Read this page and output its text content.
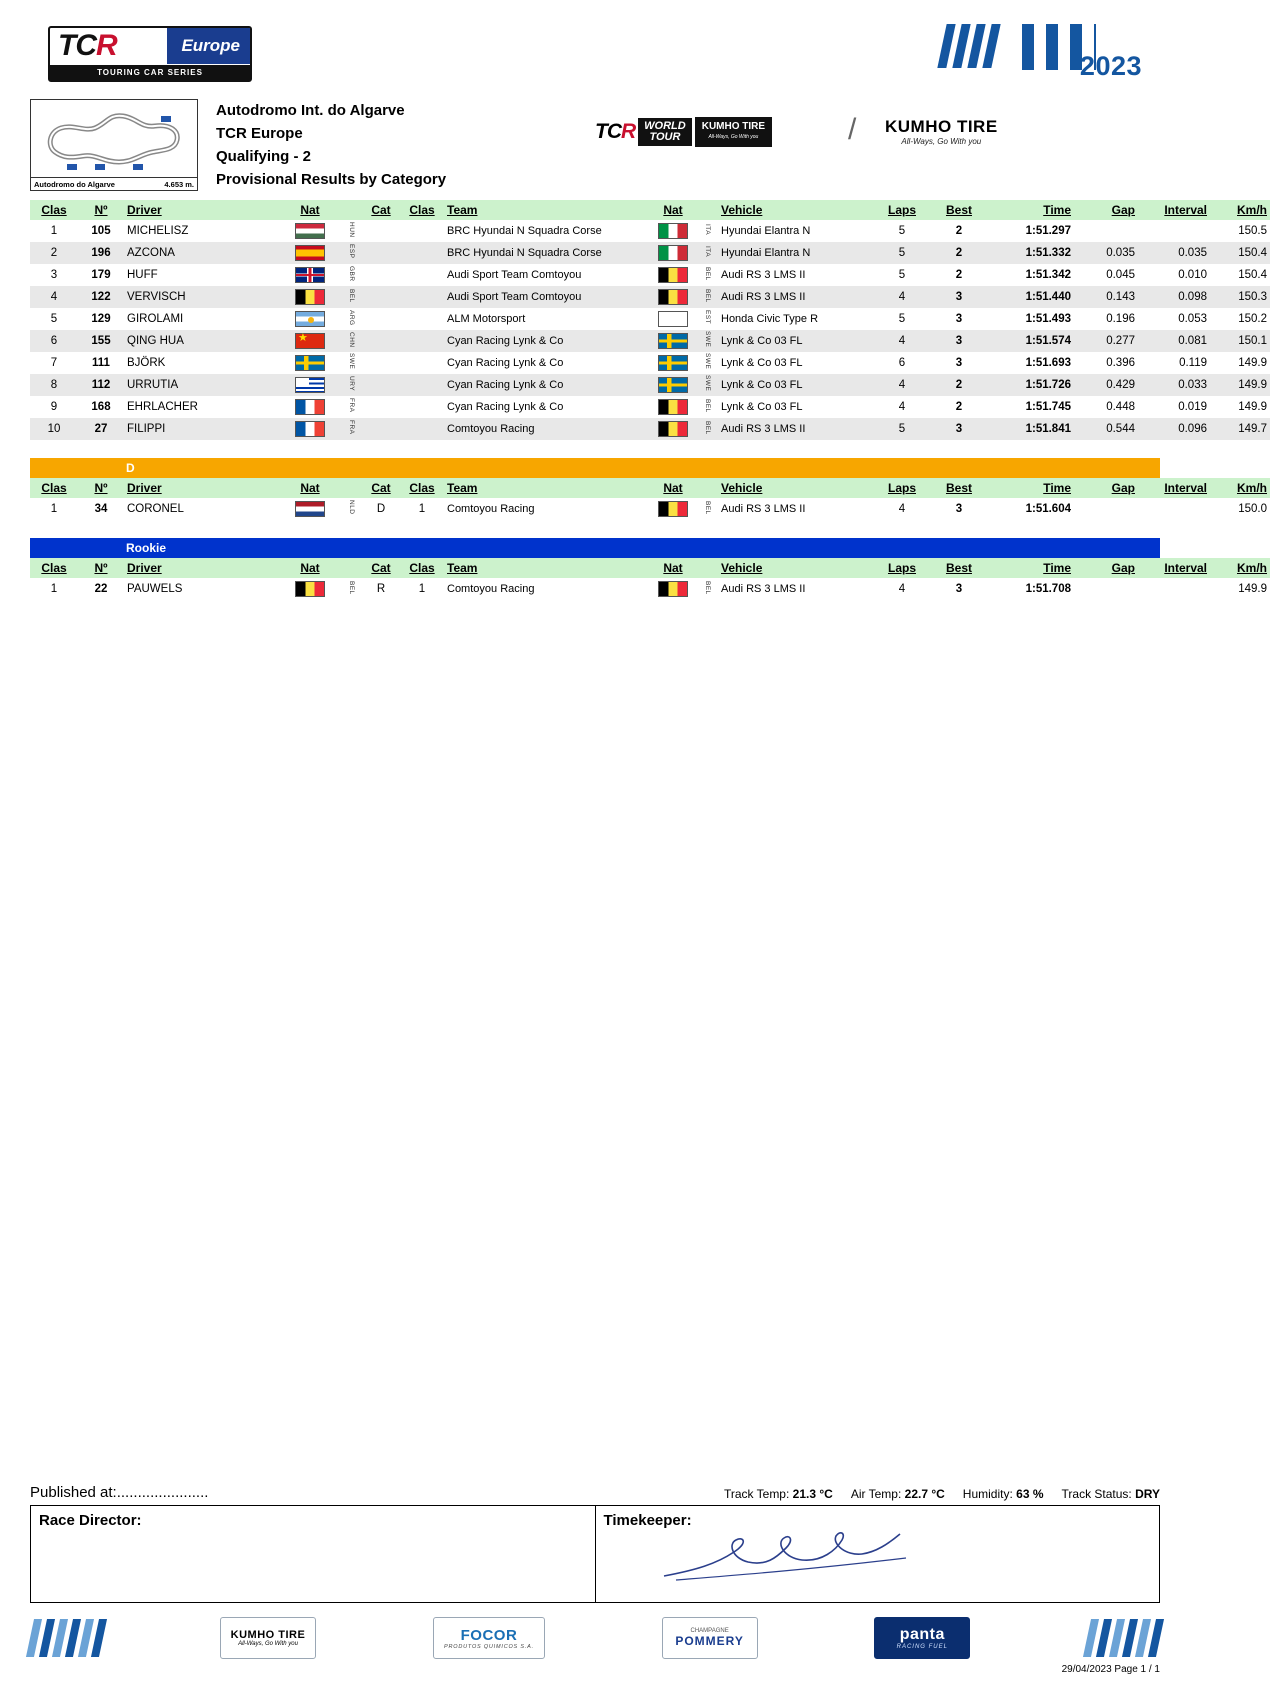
TCR	Europe
TOURING CAR SERIES	2023
Autodromo do Algarve	4.653 m.
Autodromo Int. do Algarve
TCR Europe
Qualifying - 2
Provisional Results by Category
TCR WORLD
TOUR
KUMHO TIRE
All-Ways, Go With you	/ KUMHO TIRE
All-Ways, Go With you
Clas	Nº	Driver	Nat		Cat	Clas	Team	Nat		Vehicle	Laps	Best	Time	Gap	Interval	Km/h
1	105	MICHELISZ		HUN			BRC Hyundai N Squadra Corse		ITA	Hyundai Elantra N	5	2	1:51.297			150.5
2	196	AZCONA		ESP			BRC Hyundai N Squadra Corse		ITA	Hyundai Elantra N	5	2	1:51.332	0.035	0.035	150.4
3	179	HUFF		GBR			Audi Sport Team Comtoyou		BEL	Audi RS 3 LMS II	5	2	1:51.342	0.045	0.010	150.4
4	122	VERVISCH		BEL			Audi Sport Team Comtoyou		BEL	Audi RS 3 LMS II	4	3	1:51.440	0.143	0.098	150.3
5	129	GIROLAMI		ARG			ALM Motorsport		EST	Honda Civic Type R	5	3	1:51.493	0.196	0.053	150.2
6	155	QING HUA	★	CHN			Cyan Racing Lynk & Co		SWE	Lynk & Co 03 FL	4	3	1:51.574	0.277	0.081	150.1
7	111	BJÖRK		SWE			Cyan Racing Lynk & Co		SWE	Lynk & Co 03 FL	6	3	1:51.693	0.396	0.119	149.9
8	112	URRUTIA		URY			Cyan Racing Lynk & Co		SWE	Lynk & Co 03 FL	4	2	1:51.726	0.429	0.033	149.9
9	168	EHRLACHER		FRA			Cyan Racing Lynk & Co		BEL	Lynk & Co 03 FL	4	2	1:51.745	0.448	0.019	149.9
10	27	FILIPPI		FRA			Comtoyou Racing		BEL	Audi RS 3 LMS II	5	3	1:51.841	0.544	0.096	149.7
D
Clas	Nº	Driver	Nat		Cat	Clas	Team	Nat		Vehicle	Laps	Best	Time	Gap	Interval	Km/h
1	34	CORONEL		NLD	D	1	Comtoyou Racing		BEL	Audi RS 3 LMS II	4	3	1:51.604			150.0
Rookie
Clas	Nº	Driver	Nat		Cat	Clas	Team	Nat		Vehicle	Laps	Best	Time	Gap	Interval	Km/h
1	22	PAUWELS		BEL	R	1	Comtoyou Racing		BEL	Audi RS 3 LMS II	4	3	1:51.708			149.9
Published at:......................	Track Temp: 21.3 °C Air Temp: 22.7 °C Humidity: 63 % Track Status: DRY
Race Director:	Timekeeper:
KUMHO TIRE
All-Ways, Go With you
FOCOR
PRODUTOS QUIMICOS S.A.
CHAMPAGNE
POMMERY	panta
RACING FUEL
29/04/2023 Page 1 / 1
